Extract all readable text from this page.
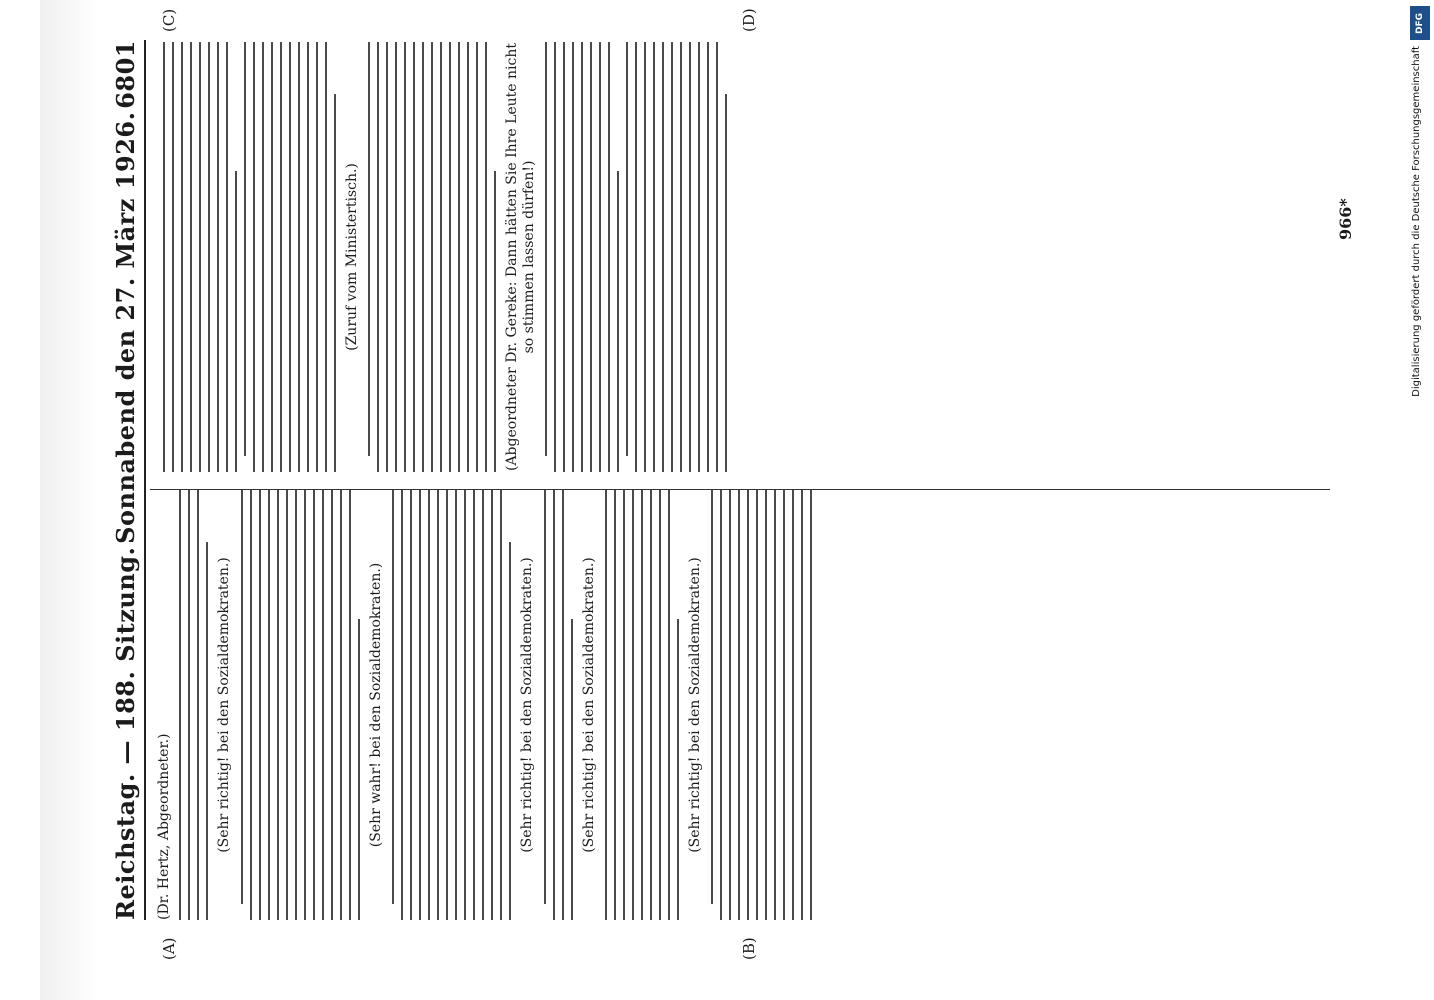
Reichstag. — 188. Sitzung.
Sonnabend den 27. März 1926.
6801
(A)	(B)
(C)	(D)
(Dr. Hertz, Abgeordneter.)	(Sehr richtig! bei den Sozialdemokraten.)	(Sehr wahr! bei den Sozialdemokraten.)	(Sehr richtig! bei den Sozialdemokraten.)	(Sehr richtig! bei den Sozialdemokraten.)	(Sehr richtig! bei den Sozialdemokraten.)
(Zuruf vom Ministertisch.)	(Abgeordneter Dr. Gereke: Dann hätten Sie Ihre Leute nicht so stimmen lassen dürfen!)	966*
DFG
Digitalisierung gefördert durch die Deutsche Forschungsgemeinschaft
